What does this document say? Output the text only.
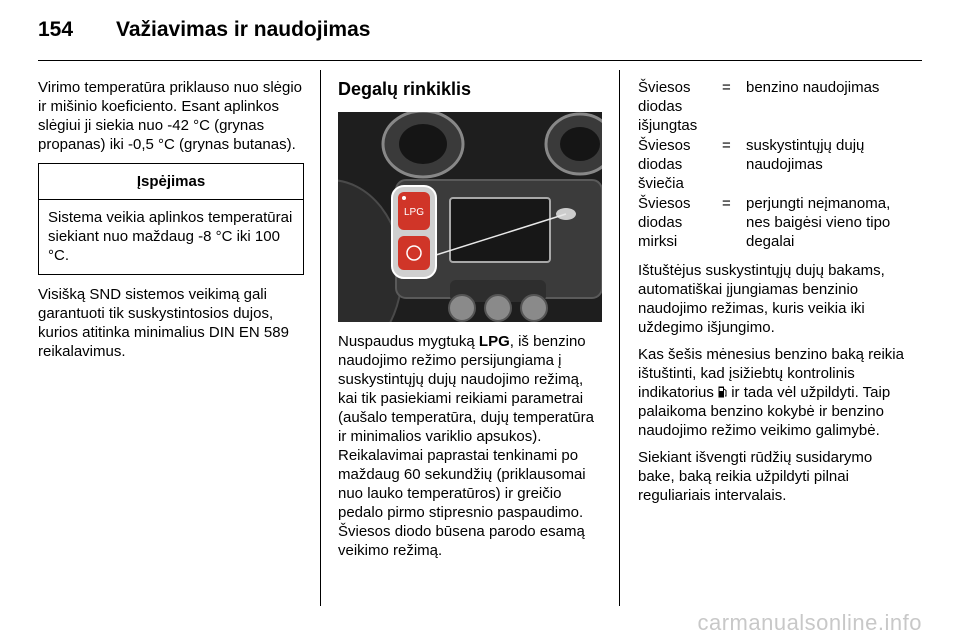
154 Važiavimas ir naudojimas

Virimo temperatūra priklauso nuo slėgio ir mišinio koeficiento. Esant aplinkos slėgiui ji siekia nuo -42 °C (grynas propanas) iki -0,5 °C (grynas butanas).

Įspėjimas
Sistema veikia aplinkos temperatūrai siekiant nuo maždaug -8 °C iki 100 °C.

Visišką SND sistemos veikimą gali garantuoti tik suskystintosios dujos, kurios atitinka minimalius DIN EN 589 reikalavimus.

Degalų rinkiklis
LPG

Nuspaudus mygtuką LPG, iš benzino naudojimo režimo persijungiama į suskystintųjų dujų naudojimo režimą, kai tik pasiekiami reikiami parametrai (aušalo temperatūra, dujų temperatūra ir minimalios variklio apsukos). Reikalavimai paprastai tenkinami po maždaug 60 sekundžių (priklausomai nuo lauko temperatūros) ir greičio pedalo pirmo stipresnio paspaudimo. Šviesos diodo būsena parodo esamą veikimo režimą.

Šviesos diodas išjungtas
=	benzino naudojimas
Šviesos diodas šviečia
=	suskystintųjų dujų naudojimas
Šviesos diodas mirksi
=	perjungti neįmanoma, nes baigėsi vieno tipo degalai

Ištuštėjus suskystintųjų dujų bakams, automatiškai įjungiamas benzinio naudojimo režimas, kuris veikia iki uždegimo išjungimo.

Kas šešis mėnesius benzino baką reikia ištuštinti, kad įsižiebtų kontrolinis indikatorius  ir tada vėl užpildyti. Taip palaikoma benzino kokybė ir benzino naudojimo režimo veikimo galimybė.

Siekiant išvengti rūdžių susidarymo bake, baką reikia užpildyti pilnai reguliariais intervalais.

carmanualsonline.info
